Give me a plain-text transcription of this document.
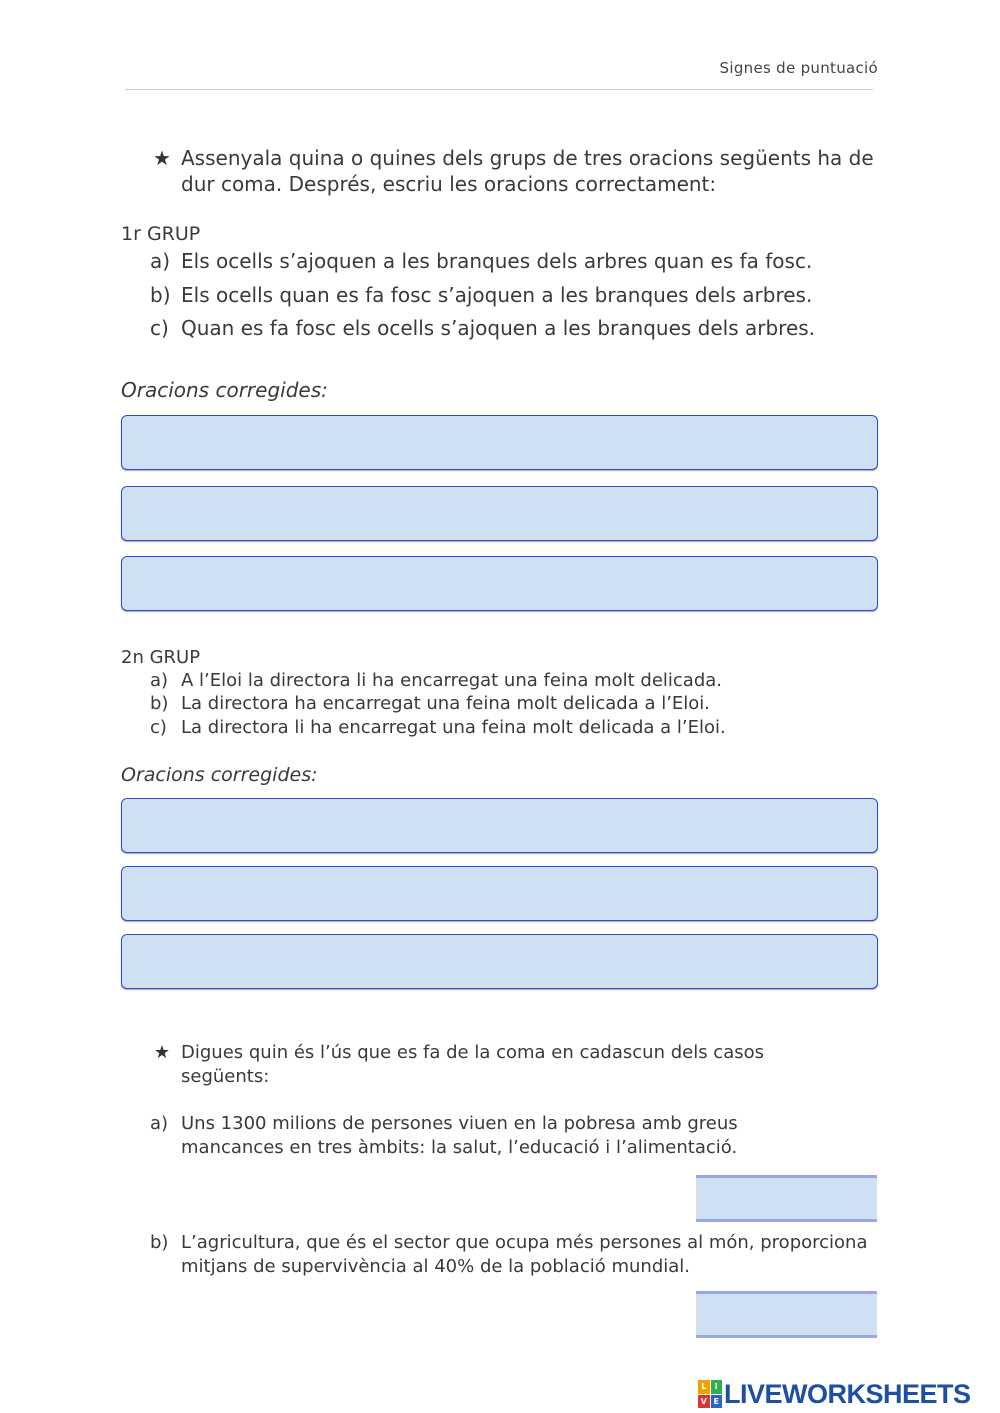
Signes de puntuació
★ Assenyala quina o quines dels grups de tres oracions següents ha de dur coma. Després, escriu les oracions correctament:
1r GRUP
a) Els ocells s’ajoquen a les branques dels arbres quan es fa fosc.
b) Els ocells quan es fa fosc s’ajoquen a les branques dels arbres.
c) Quan es fa fosc els ocells s’ajoquen a les branques dels arbres.
Oracions corregides:
2n GRUP
a) A l’Eloi la directora li ha encarregat una feina molt delicada.
b) La directora ha encarregat una feina molt delicada a l’Eloi.
c) La directora li ha encarregat una feina molt delicada a l’Eloi.
Oracions corregides:
★ Digues quin és l’ús que es fa de la coma en cadascun dels casos següents:
a) Uns 1300 milions de persones viuen en la pobresa amb greus mancances en tres àmbits: la salut, l’educació i l’alimentació.
b) L’agricultura, que és el sector que ocupa més persones al món, proporciona mitjans de supervivència al 40% de la població mundial.
L	I
V E LIVEWORKSHEETS
